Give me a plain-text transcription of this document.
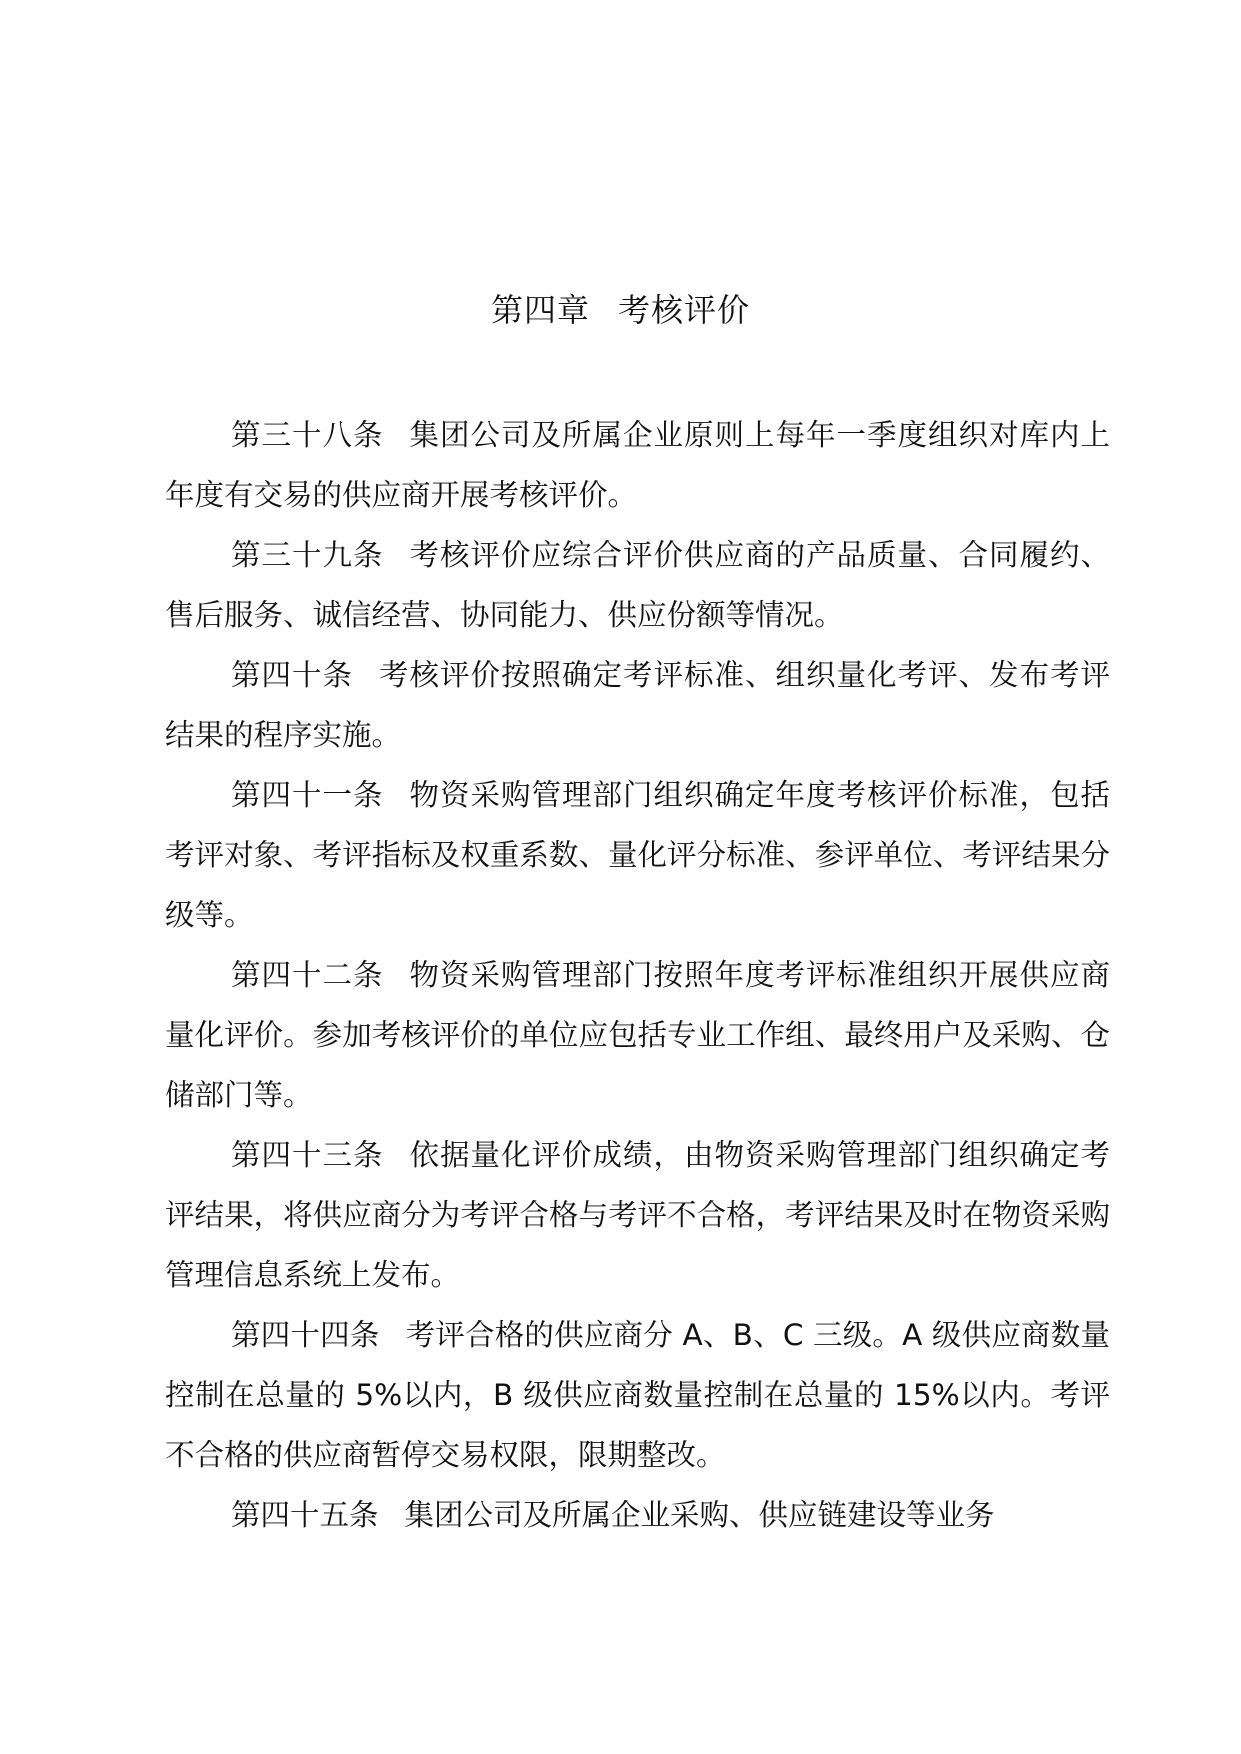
第四章 考核评价

第三十八条 集团公司及所属企业原则上每年一季度组织对库内上年度有交易的供应商开展考核评价。

第三十九条 考核评价应综合评价供应商的产品质量、合同履约、售后服务、诚信经营、协同能力、供应份额等情况。

第四十条 考核评价按照确定考评标准、组织量化考评、发布考评结果的程序实施。

第四十一条 物资采购管理部门组织确定年度考核评价标准，包括考评对象、考评指标及权重系数、量化评分标准、参评单位、考评结果分级等。

第四十二条 物资采购管理部门按照年度考评标准组织开展供应商量化评价。参加考核评价的单位应包括专业工作组、最终用户及采购、仓储部门等。

第四十三条 依据量化评价成绩，由物资采购管理部门组织确定考评结果，将供应商分为考评合格与考评不合格，考评结果及时在物资采购管理信息系统上发布。

第四十四条 考评合格的供应商分 A、B、C 三级。A 级供应商数量控制在总量的 5%以内，B 级供应商数量控制在总量的 15%以内。考评不合格的供应商暂停交易权限，限期整改。

第四十五条 集团公司及所属企业采购、供应链建设等业务
